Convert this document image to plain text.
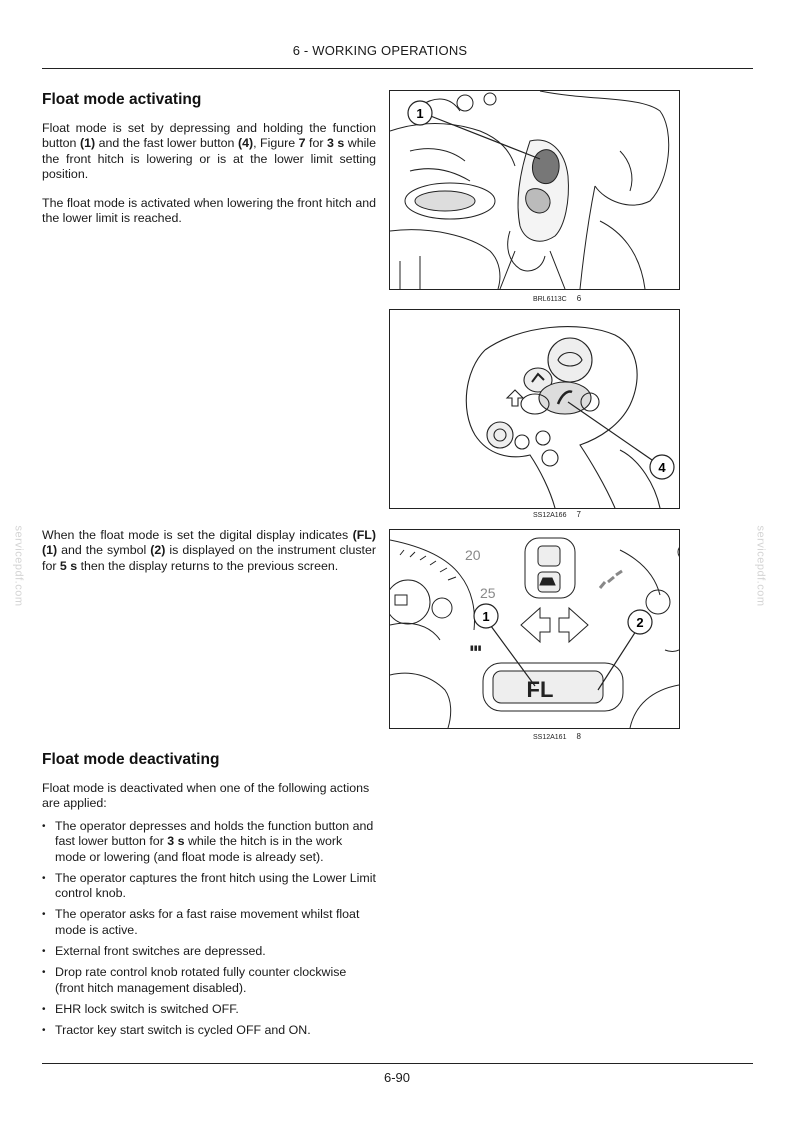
6 - WORKING OPERATIONS
Float mode activating

Float mode is set by depressing and holding the function button (1) and the fast lower button (4), Figure 7 for 3 s while the front hitch is lowering or is at the lower limit setting position.

The float mode is activated when lowering the front hitch and the lower limit is reached.

When the float mode is set the digital display indicates (FL) (1) and the symbol (2) is displayed on the instrument cluster for 5 s then the display returns to the previous screen.

Float mode deactivating

Float mode is deactivated when one of the following actions are applied:

• The operator depresses and holds the function button and fast lower button for 3 s while the hitch is in the work mode or lowering (and float mode is already set).
• The operator captures the front hitch using the Lower Limit control knob.
• The operator asks for a fast raise movement whilst float mode is active.
• External front switches are depressed.
• Drop rate control knob rotated fully counter clockwise (front hitch management disabled).
• EHR lock switch is switched OFF.
• Tractor key start switch is cycled OFF and ON.
1
BRL6113C 6
4
SS12A166 7
20
25
▮▮▮
FL
1	2
SS12A161 8
servicepdf.com	servicepdf.com
6-90
